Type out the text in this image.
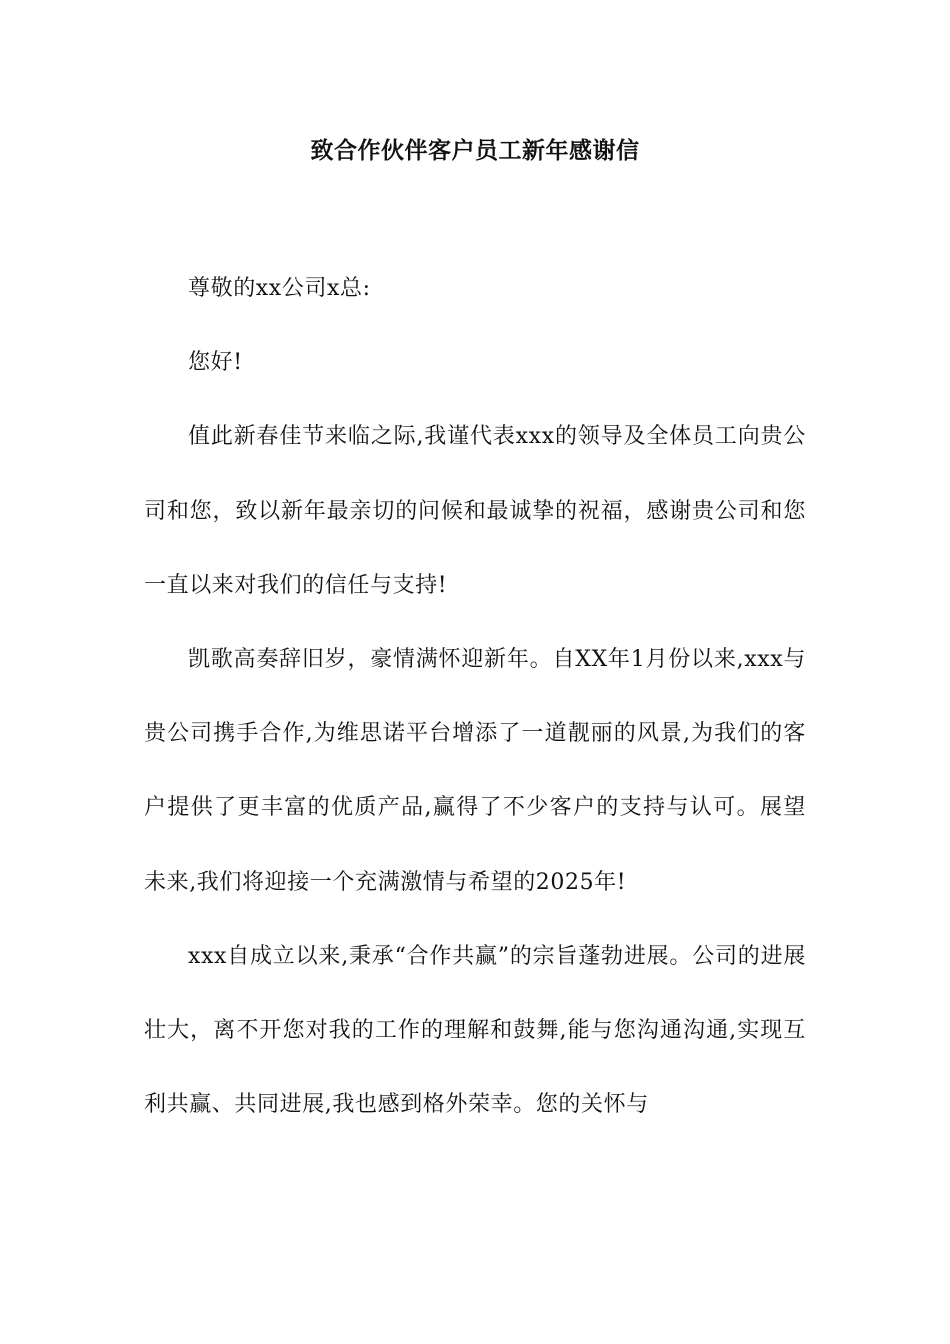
致合作伙伴客户员工新年感谢信

尊敬的xx公司x总:

您好!

值此新春佳节来临之际,我谨代表xxx的领导及全体员工向贵公司和您，致以新年最亲切的问候和最诚挚的祝福，感谢贵公司和您一直以来对我们的信任与支持!

凯歌高奏辞旧岁，豪情满怀迎新年。自XX年1月份以来,xxx与贵公司携手合作,为维思诺平台增添了一道靓丽的风景,为我们的客户提供了更丰富的优质产品,赢得了不少客户的支持与认可。展望未来,我们将迎接一个充满激情与希望的2025年!

xxx自成立以来,秉承“合作共赢”的宗旨蓬勃进展。公司的进展壮大，离不开您对我的工作的理解和鼓舞,能与您沟通沟通,实现互利共赢、共同进展,我也感到格外荣幸。您的关怀与
